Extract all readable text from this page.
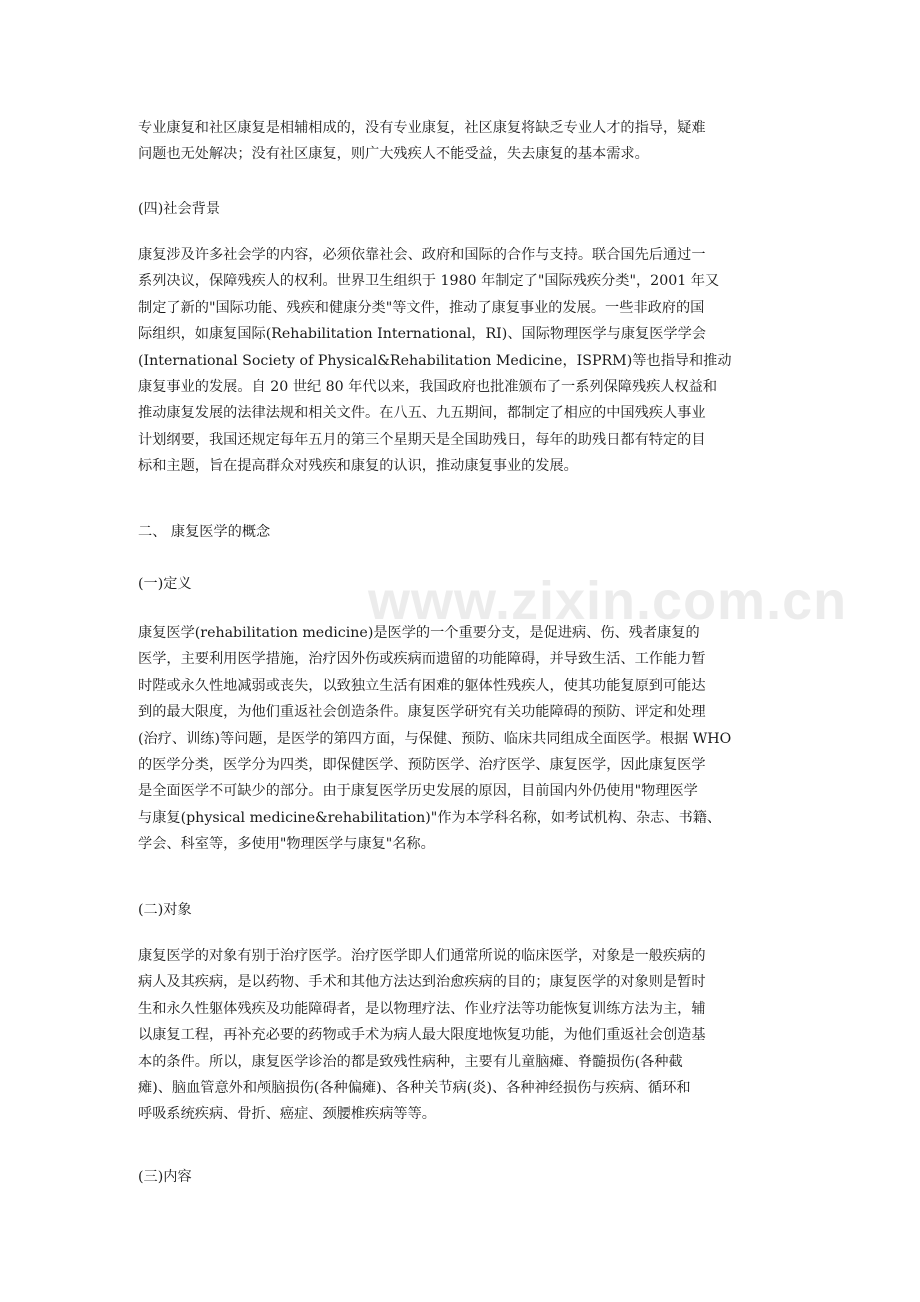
www.zixin.com.cn

专业康复和社区康复是相辅相成的，没有专业康复，社区康复将缺乏专业人才的指导，疑难
问题也无处解决；没有社区康复，则广大残疾人不能受益，失去康复的基本需求。

(四)社会背景

康复涉及许多社会学的内容，必须依靠社会、政府和国际的合作与支持。联合国先后通过一
系列决议，保障残疾人的权利。世界卫生组织于 1980 年制定了"国际残疾分类"，2001 年又
制定了新的"国际功能、残疾和健康分类"等文件，推动了康复事业的发展。一些非政府的国
际组织，如康复国际(Rehabilitation International，RI)、国际物理医学与康复医学学会
(International Society of Physical&Rehabilitation Medicine，ISPRM)等也指导和推动
康复事业的发展。自 20 世纪 80 年代以来，我国政府也批准颁布了一系列保障残疾人权益和
推动康复发展的法律法规和相关文件。在八五、九五期间，都制定了相应的中国残疾人事业
计划纲要，我国还规定每年五月的第三个星期天是全国助残日，每年的助残日都有特定的目
标和主题，旨在提高群众对残疾和康复的认识，推动康复事业的发展。

二、 康复医学的概念
(一)定义

康复医学(rehabilitation medicine)是医学的一个重要分支，是促进病、伤、残者康复的
医学，主要利用医学措施，治疗因外伤或疾病而遗留的功能障碍，并导致生活、工作能力暂
时陛或永久性地减弱或丧失，以致独立生活有困难的躯体性残疾人，使其功能复原到可能达
到的最大限度，为他们重返社会创造条件。康复医学研究有关功能障碍的预防、评定和处理
(治疗、训练)等问题，是医学的第四方面，与保健、预防、临床共同组成全面医学。根据 WHO
的医学分类，医学分为四类，即保健医学、预防医学、治疗医学、康复医学，因此康复医学
是全面医学不可缺少的部分。由于康复医学历史发展的原因，目前国内外仍使用"物理医学
与康复(physical medicine&rehabilitation)"作为本学科名称，如考试机构、杂志、书籍、
学会、科室等，多使用"物理医学与康复"名称。

(二)对象

康复医学的对象有别于治疗医学。治疗医学即人们通常所说的临床医学，对象是一般疾病的
病人及其疾病，是以药物、手术和其他方法达到治愈疾病的目的；康复医学的对象则是暂时
生和永久性躯体残疾及功能障碍者，是以物理疗法、作业疗法等功能恢复训练方法为主，辅
以康复工程，再补充必要的药物或手术为病人最大限度地恢复功能，为他们重返社会创造基
本的条件。所以，康复医学诊治的都是致残性病种，主要有儿童脑瘫、脊髓损伤(各种截
瘫)、脑血管意外和颅脑损伤(各种偏瘫)、各种关节病(炎)、各种神经损伤与疾病、循环和
呼吸系统疾病、骨折、癌症、颈腰椎疾病等等。

(三)内容
